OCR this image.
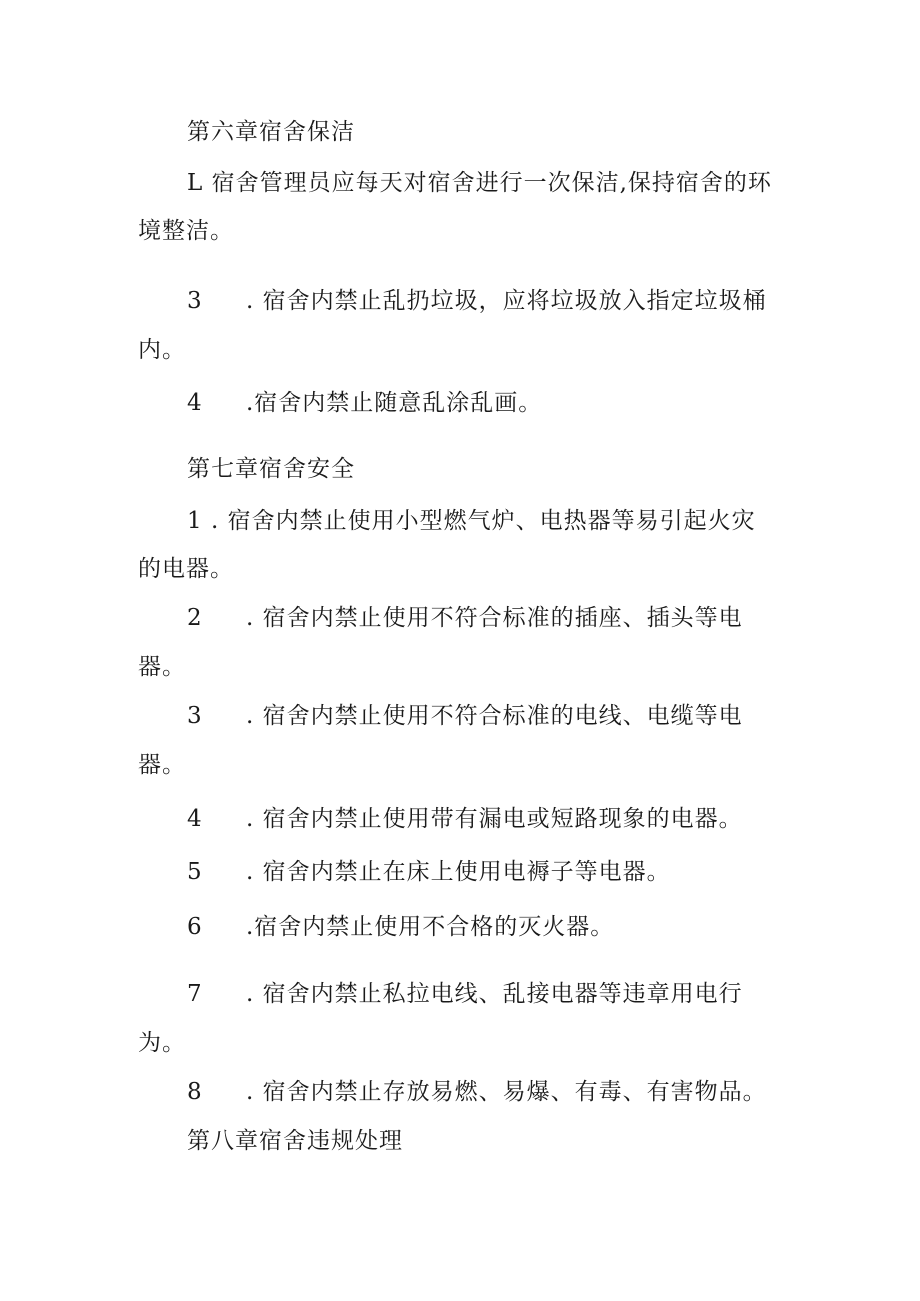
第六章宿舍保洁
L 宿舍管理员应每天对宿舍进行一次保洁,保持宿舍的环
境整洁。
3 . 宿舍内禁止乱扔垃圾，应将垃圾放入指定垃圾桶
内。
4 .宿舍内禁止随意乱涂乱画。
第七章宿舍安全
1 . 宿舍内禁止使用小型燃气炉、电热器等易引起火灾
的电器。
2 . 宿舍内禁止使用不符合标准的插座、插头等电
器。
3 . 宿舍内禁止使用不符合标准的电线、电缆等电
器。
4 . 宿舍内禁止使用带有漏电或短路现象的电器。
5 . 宿舍内禁止在床上使用电褥子等电器。
6 .宿舍内禁止使用不合格的灭火器。
7 . 宿舍内禁止私拉电线、乱接电器等违章用电行
为。
8 . 宿舍内禁止存放易燃、易爆、有毒、有害物品。
第八章宿舍违规处理
